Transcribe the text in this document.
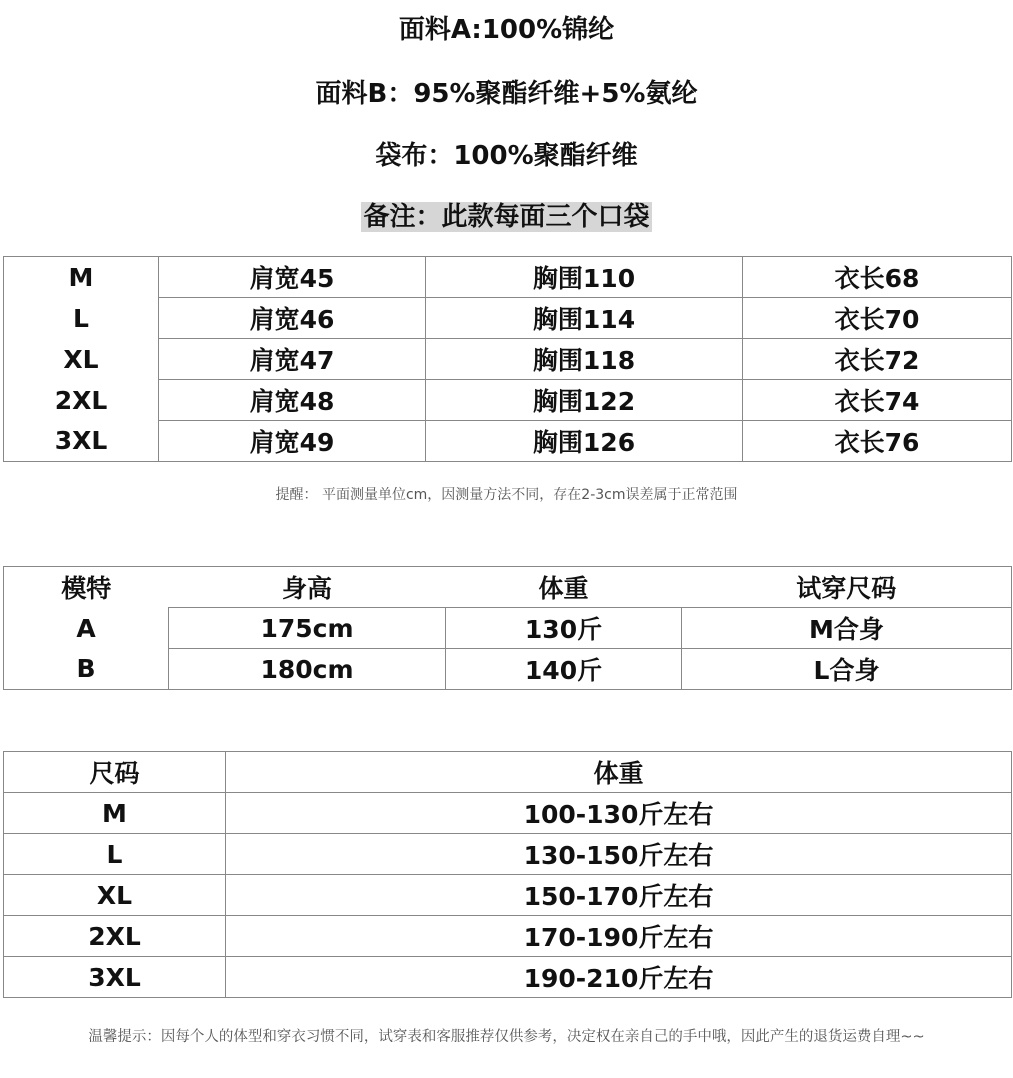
面料A:100%锦纶
面料B：95%聚酯纤维+5%氨纶
袋布：100%聚酯纤维
备注：此款每面三个口袋
M	肩宽45	胸围110	衣长68
L	肩宽46	胸围114	衣长70
XL	肩宽47	胸围118	衣长72
2XL	肩宽48	胸围122	衣长74
3XL	肩宽49	胸围126	衣长76
提醒： 平面测量单位cm，因测量方法不同，存在2-3cm误差属于正常范围
模特	身高	体重	试穿尺码
A	175cm	130斤	M合身
B	180cm	140斤	L合身
尺码	体重
M	100-130斤左右
L	130-150斤左右
XL	150-170斤左右
2XL	170-190斤左右
3XL	190-210斤左右
温馨提示：因每个人的体型和穿衣习惯不同，试穿表和客服推荐仅供参考，决定权在亲自己的手中哦，因此产生的退货运费自理~~
